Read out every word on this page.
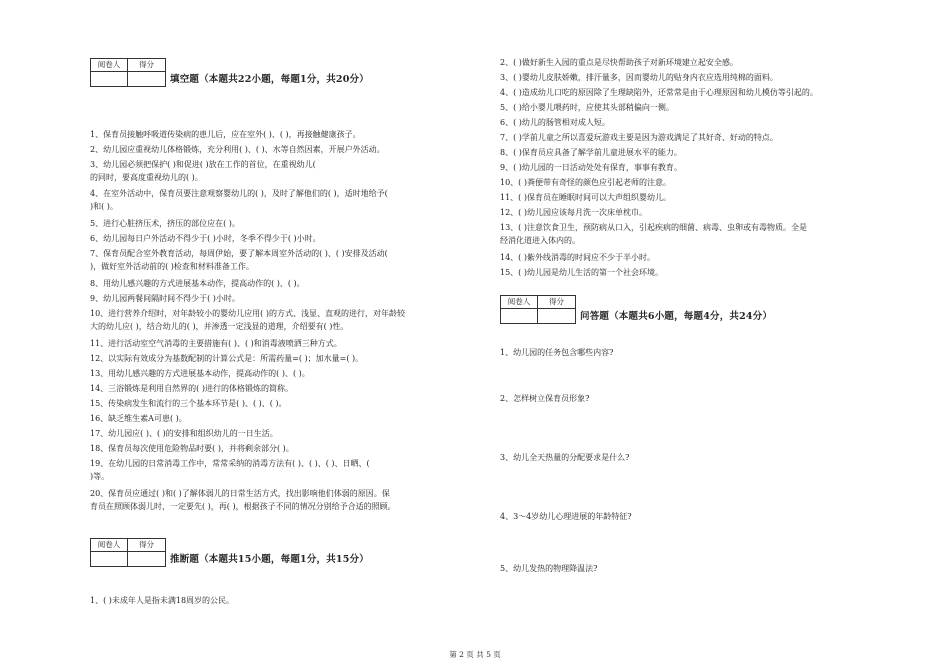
阅卷人	得分
填空题（本题共22小题，每题1分，共20分）

1、保育员接触呼吸道传染病的患儿后，应在室外( )、( )，再接触健康孩子。

2、幼儿园应重视幼儿体格锻炼，充分利用( )、( )、水等自然因素，开展户外活动。

3、幼儿园必须把保护( )和促进( )放在工作的首位，在重视幼儿(

的同时，要高度重视幼儿的( )。

4、在室外活动中，保育员要注意观察婴幼儿的( )，及时了解他们的( )，适时地给予(

)和( )。

5、进行心脏挤压术，挤压的部位应在( )。

6、幼儿园每日户外活动不得少于( )小时，冬季不得少于( )小时。

7、保育员配合室外教育活动，每周伊始，要了解本周室外活动的( )、( )安排及活动(

)，做好室外活动前的( )检查和材料准备工作。

8、用幼儿感兴趣的方式进展基本动作，提高动作的( )、( )。

9、幼儿园两餐间隔时间不得少于( )小时。

10、进行营养介绍时，对年龄较小的婴幼儿应用( )的方式、浅显、直观的进行，对年龄较

大的幼儿应( )，结合幼儿的( )，并渗透一定浅显的道理，介绍要有( )性。

11、进行活动室空气消毒的主要措施有( )、( )和消毒液喷洒三种方式。

12、以实际有效成分为基数配制的计算公式是：所需药量=( )；加水量=( )。

13、用幼儿感兴趣的方式进展基本动作，提高动作的( )、( )。

14、三浴锻炼是利用自然界的( )进行的体格锻炼的简称。

15、传染病发生和流行的三个基本环节是( )、( )、( )。

16、缺乏维生素A可患( )。

17、幼儿园应( )、( )的安排和组织幼儿的一日生活。

18、保育员每次使用危险物品时要( )，并将剩余部分( )。

19、在幼儿园的日常消毒工作中，常常采纳的消毒方法有( )、( )、( )、日晒、(

)等。

20、保育员应通过( )和( )了解体弱儿的日常生活方式，找出影响他们体弱的原因。保

育员在照顾体弱儿时，一定要先( )，再( )，根据孩子不同的情况分别给予合适的照顾。

阅卷人	得分
推断题（本题共15小题，每题1分，共15分）

1、( )未成年人是指未满18周岁的公民。

2、( )做好新生入园的重点是尽快帮助孩子对新环境建立起安全感。

3、( )婴幼儿皮肤娇嫩，排汗量多，因而婴幼儿的贴身内衣应选用纯棉的面料。

4、( )造成幼儿口吃的原因除了生理缺陷外，还常常是由于心理原因和幼儿模仿等引起的。

5、( )给小婴儿喂药时，应使其头部稍偏向一侧。

6、( )幼儿的肠管相对成人短。

7、( )学前儿童之所以喜爱玩游戏主要是因为游戏满足了其好奇、好动的特点。

8、( )保育员应具备了解学前儿童进展水平的能力。

9、( )幼儿园的一日活动处处有保育，事事有教育。

10、( )粪便带有奇怪的颜色应引起老师的注意。

11、( )保育员在睡眠时间可以大声组织婴幼儿。

12、( )幼儿园应该每月洗一次床单枕巾。

13、( )注意饮食卫生，预防病从口入，引起疾病的细菌、病毒、虫卵或有毒物质。全是

经消化道进入体内的。

14、( )紫外线消毒的时间应不少于半小时。

15、( )幼儿园是幼儿生活的第一个社会环境。

阅卷人	得分
问答题（本题共6小题，每题4分，共24分）

1、幼儿园的任务包含哪些内容?

2、怎样树立保育员形象?

3、幼儿全天热量的分配要求是什么?

4、3～4岁幼儿心理进展的年龄特征?

5、幼儿发热的物理降温法?

第 2 页 共 5 页
